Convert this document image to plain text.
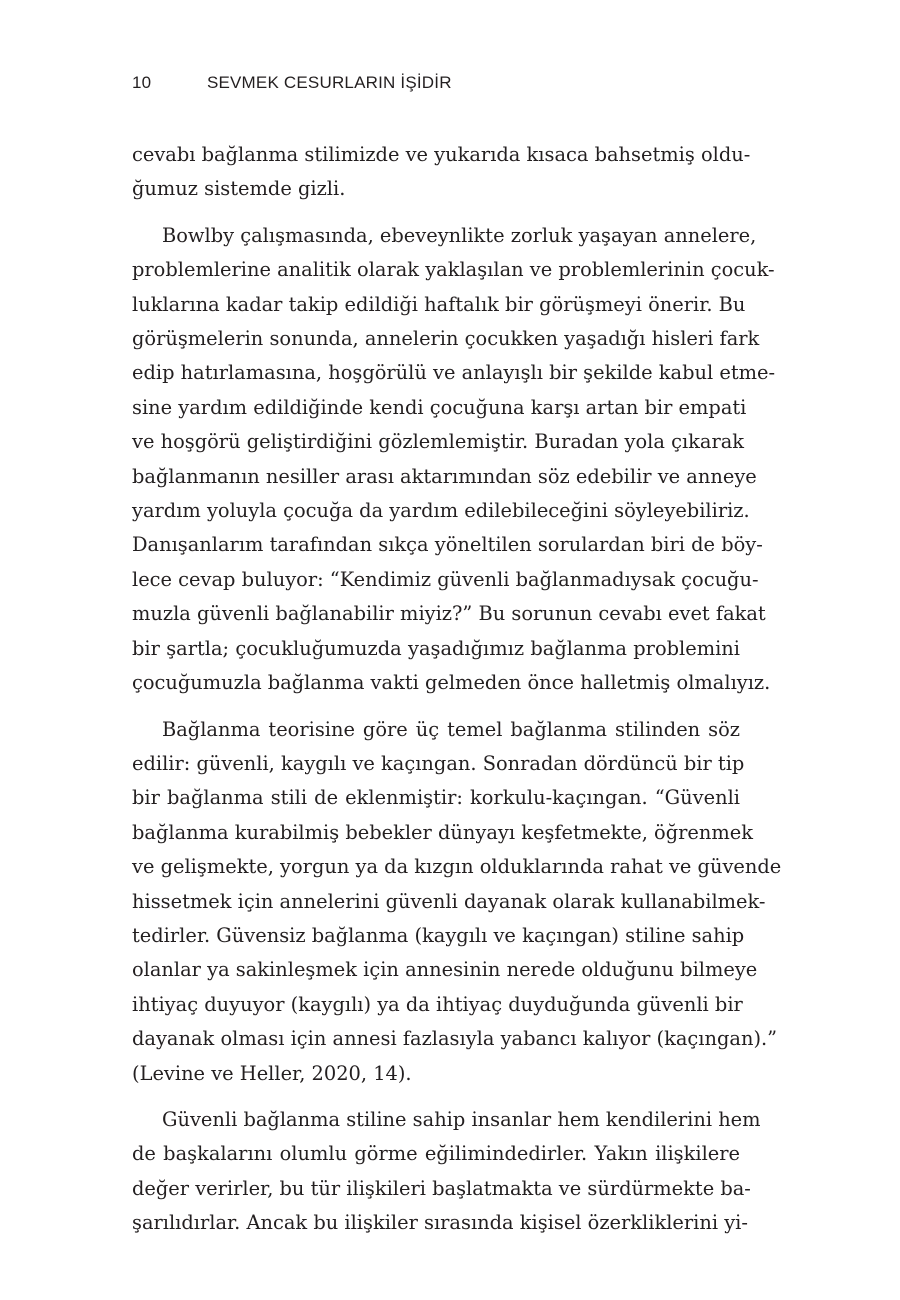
10	SEVMEK CESURLARIN İŞİDİR

cevabı bağlanma stilimizde ve yukarıda kısaca bahsetmiş oldu-
ğumuz sistemde gizli.

Bowlby çalışmasında, ebeveynlikte zorluk yaşayan annelere,
problemlerine analitik olarak yaklaşılan ve problemlerinin çocuk-
luklarına kadar takip edildiği haftalık bir görüşmeyi önerir. Bu
görüşmelerin sonunda, annelerin çocukken yaşadığı hisleri fark
edip hatırlamasına, hoşgörülü ve anlayışlı bir şekilde kabul etme-
sine yardım edildiğinde kendi çocuğuna karşı artan bir empati
ve hoşgörü geliştirdiğini gözlemlemiştir. Buradan yola çıkarak
bağlanmanın nesiller arası aktarımından söz edebilir ve anneye
yardım yoluyla çocuğa da yardım edilebileceğini söyleyebiliriz.
Danışanlarım tarafından sıkça yöneltilen sorulardan biri de böy-
lece cevap buluyor: “Kendimiz güvenli bağlanmadıysak çocuğu-
muzla güvenli bağlanabilir miyiz?” Bu sorunun cevabı evet fakat
bir şartla; çocukluğumuzda yaşadığımız bağlanma problemini
çocuğumuzla bağlanma vakti gelmeden önce halletmiş olmalıyız.

Bağlanma teorisine göre üç temel bağlanma stilinden söz
edilir: güvenli, kaygılı ve kaçıngan. Sonradan dördüncü bir tip
bir bağlanma stili de eklenmiştir: korkulu-kaçıngan. “Güvenli
bağlanma kurabilmiş bebekler dünyayı keşfetmekte, öğrenmek
ve gelişmekte, yorgun ya da kızgın olduklarında rahat ve güvende
hissetmek için annelerini güvenli dayanak olarak kullanabilmek-
tedirler. Güvensiz bağlanma (kaygılı ve kaçıngan) stiline sahip
olanlar ya sakinleşmek için annesinin nerede olduğunu bilmeye
ihtiyaç duyuyor (kaygılı) ya da ihtiyaç duyduğunda güvenli bir
dayanak olması için annesi fazlasıyla yabancı kalıyor (kaçıngan).”
(Levine ve Heller, 2020, 14).

Güvenli bağlanma stiline sahip insanlar hem kendilerini hem
de başkalarını olumlu görme eğilimindedirler. Yakın ilişkilere
değer verirler, bu tür ilişkileri başlatmakta ve sürdürmekte ba-
şarılıdırlar. Ancak bu ilişkiler sırasında kişisel özerkliklerini yi-
